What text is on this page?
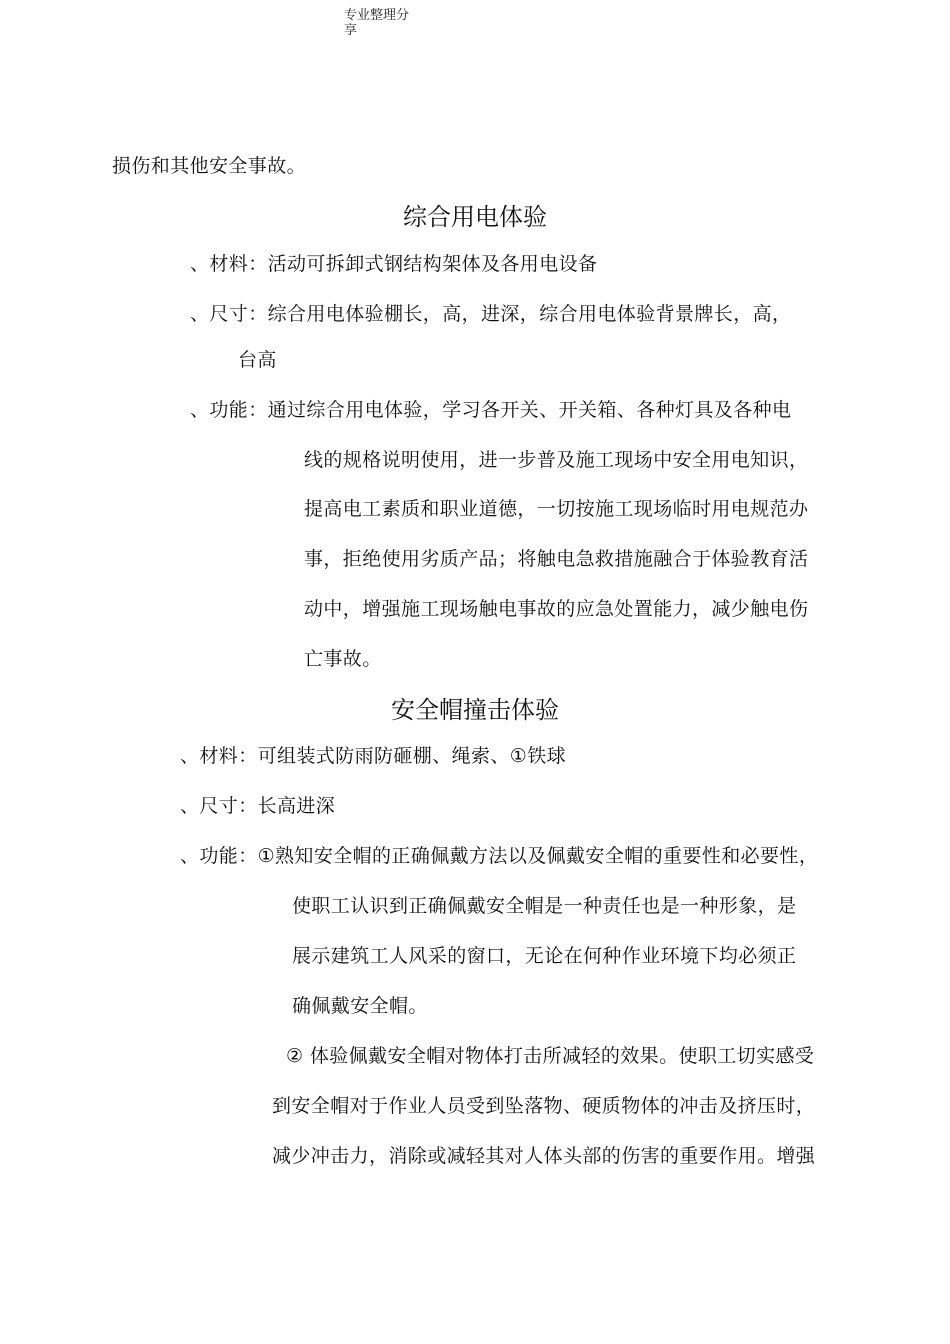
专业整理分
享
损伤和其他安全事故。
综合用电体验
、材料：活动可拆卸式钢结构架体及各用电设备
、尺寸：综合用电体验棚长，高，进深，综合用电体验背景牌长，高，
台高
、功能：通过综合用电体验，学习各开关、开关箱、各种灯具及各种电
线的规格说明使用，进一步普及施工现场中安全用电知识，
提高电工素质和职业道德，一切按施工现场临时用电规范办
事，拒绝使用劣质产品；将触电急救措施融合于体验教育活
动中，增强施工现场触电事故的应急处置能力，减少触电伤
亡事故。
安全帽撞击体验
、材料：可组装式防雨防砸棚、绳索、①铁球
、尺寸：长高进深
、功能：①熟知安全帽的正确佩戴方法以及佩戴安全帽的重要性和必要性，
使职工认识到正确佩戴安全帽是一种责任也是一种形象，是
展示建筑工人风采的窗口，无论在何种作业环境下均必须正
确佩戴安全帽。
② 体验佩戴安全帽对物体打击所减轻的效果。使职工切实感受
到安全帽对于作业人员受到坠落物、硬质物体的冲击及挤压时，
减少冲击力，消除或减轻其对人体头部的伤害的重要作用。增强
